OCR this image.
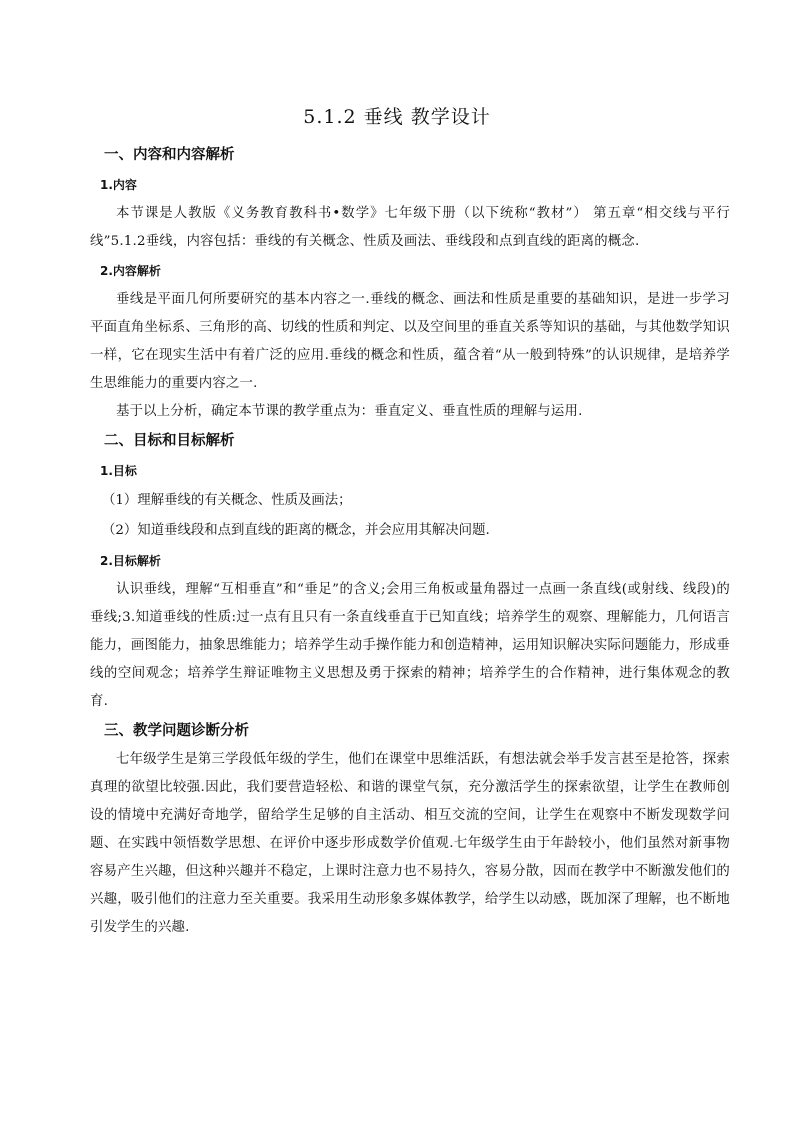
5.1.2 垂线 教学设计
一、内容和内容解析
1.内容

本节课是人教版《义务教育教科书•数学》七年级下册（以下统称“教材”） 第五章“相交线与平行线”5.1.2垂线，内容包括：垂线的有关概念、性质及画法、垂线段和点到直线的距离的概念.

2.内容解析

垂线是平面几何所要研究的基本内容之一.垂线的概念、画法和性质是重要的基础知识，是进一步学习平面直角坐标系、三角形的高、切线的性质和判定、以及空间里的垂直关系等知识的基础，与其他数学知识一样，它在现实生活中有着广泛的应用.垂线的概念和性质，蕴含着“从一般到特殊”的认识规律，是培养学生思维能力的重要内容之一.

基于以上分析，确定本节课的教学重点为：垂直定义、垂直性质的理解与运用.

二、目标和目标解析
1.目标
（1）理解垂线的有关概念、性质及画法；
（2）知道垂线段和点到直线的距离的概念，并会应用其解决问题.
2.目标解析

认识垂线，理解“互相垂直”和“垂足”的含义;会用三角板或量角器过一点画一条直线(或射线、线段)的垂线;3.知道垂线的性质:过一点有且只有一条直线垂直于已知直线；培养学生的观察、理解能力，几何语言能力，画图能力，抽象思维能力；培养学生动手操作能力和创造精神，运用知识解决实际问题能力，形成垂线的空间观念；培养学生辩证唯物主义思想及勇于探索的精神；培养学生的合作精神，进行集体观念的教育.

三、教学问题诊断分析

七年级学生是第三学段低年级的学生，他们在课堂中思维活跃，有想法就会举手发言甚至是抢答，探索真理的欲望比较强.因此，我们要营造轻松、和谐的课堂气氛，充分激活学生的探索欲望，让学生在教师创设的情境中充满好奇地学，留给学生足够的自主活动、相互交流的空间，让学生在观察中不断发现数学问题、在实践中领悟数学思想、在评价中逐步形成数学价值观.七年级学生由于年龄较小，他们虽然对新事物容易产生兴趣，但这种兴趣并不稳定，上课时注意力也不易持久，容易分散，因而在教学中不断激发他们的兴趣，吸引他们的注意力至关重要。我采用生动形象多媒体教学，给学生以动感，既加深了理解，也不断地引发学生的兴趣.
